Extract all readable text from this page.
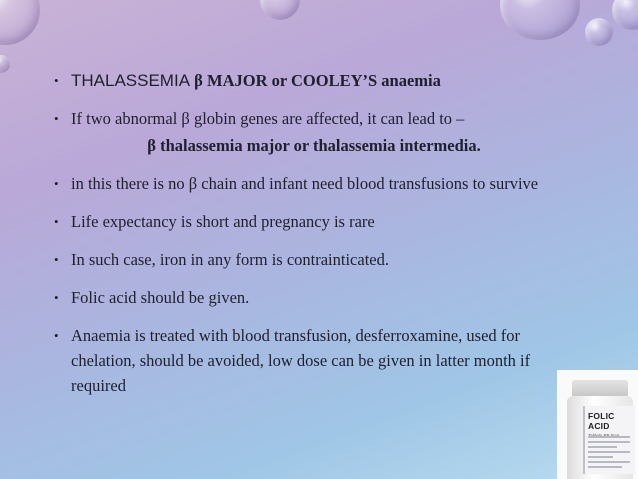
• THALASSEMIA β MAJOR or COOLEY’S anaemia
• If two abnormal β globin genes are affected, it can lead to –
β thalassemia major or thalassemia intermedia.
• in this there is no β chain and infant need blood transfusions to survive
• Life expectancy is short and pregnancy is rare
• In such case, iron in any form is contrainticated.
• Folic acid should be given.
• Anaemia is treated with blood transfusion, desferroxamine, used for chelation, should be avoided, low dose can be given in latter month if required
FOLIC ACID
